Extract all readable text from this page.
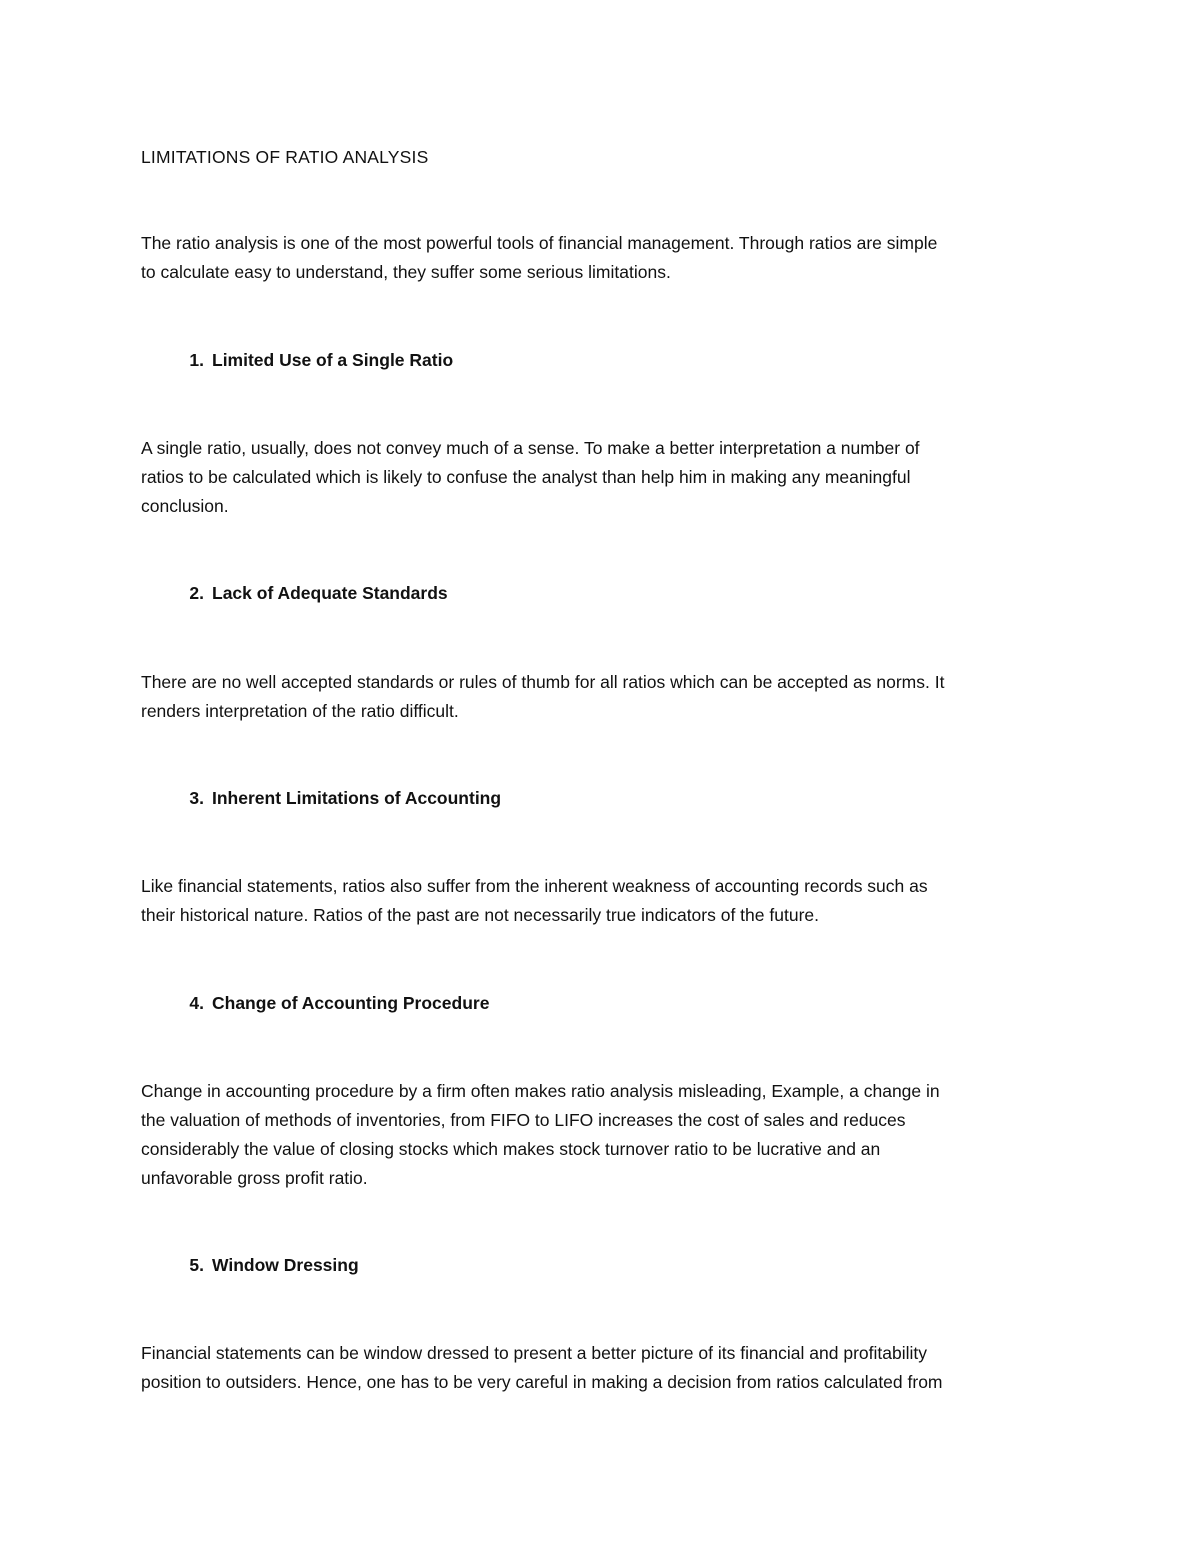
LIMITATIONS OF RATIO ANALYSIS

The ratio analysis is one of the most powerful tools of financial management. Through ratios are simple
to calculate easy to understand, they suffer some serious limitations.

1. Limited Use of a Single Ratio

A single ratio, usually, does not convey much of a sense. To make a better interpretation a number of
ratios to be calculated which is likely to confuse the analyst than help him in making any meaningful
conclusion.

2. Lack of Adequate Standards

There are no well accepted standards or rules of thumb for all ratios which can be accepted as norms. It
renders interpretation of the ratio difficult.

3. Inherent Limitations of Accounting

Like financial statements, ratios also suffer from the inherent weakness of accounting records such as
their historical nature. Ratios of the past are not necessarily true indicators of the future.

4. Change of Accounting Procedure

Change in accounting procedure by a firm often makes ratio analysis misleading, Example, a change in
the valuation of methods of inventories, from FIFO to LIFO increases the cost of sales and reduces
considerably the value of closing stocks which makes stock turnover ratio to be lucrative and an
unfavorable gross profit ratio.

5. Window Dressing

Financial statements can be window dressed to present a better picture of its financial and profitability
position to outsiders. Hence, one has to be very careful in making a decision from ratios calculated from
